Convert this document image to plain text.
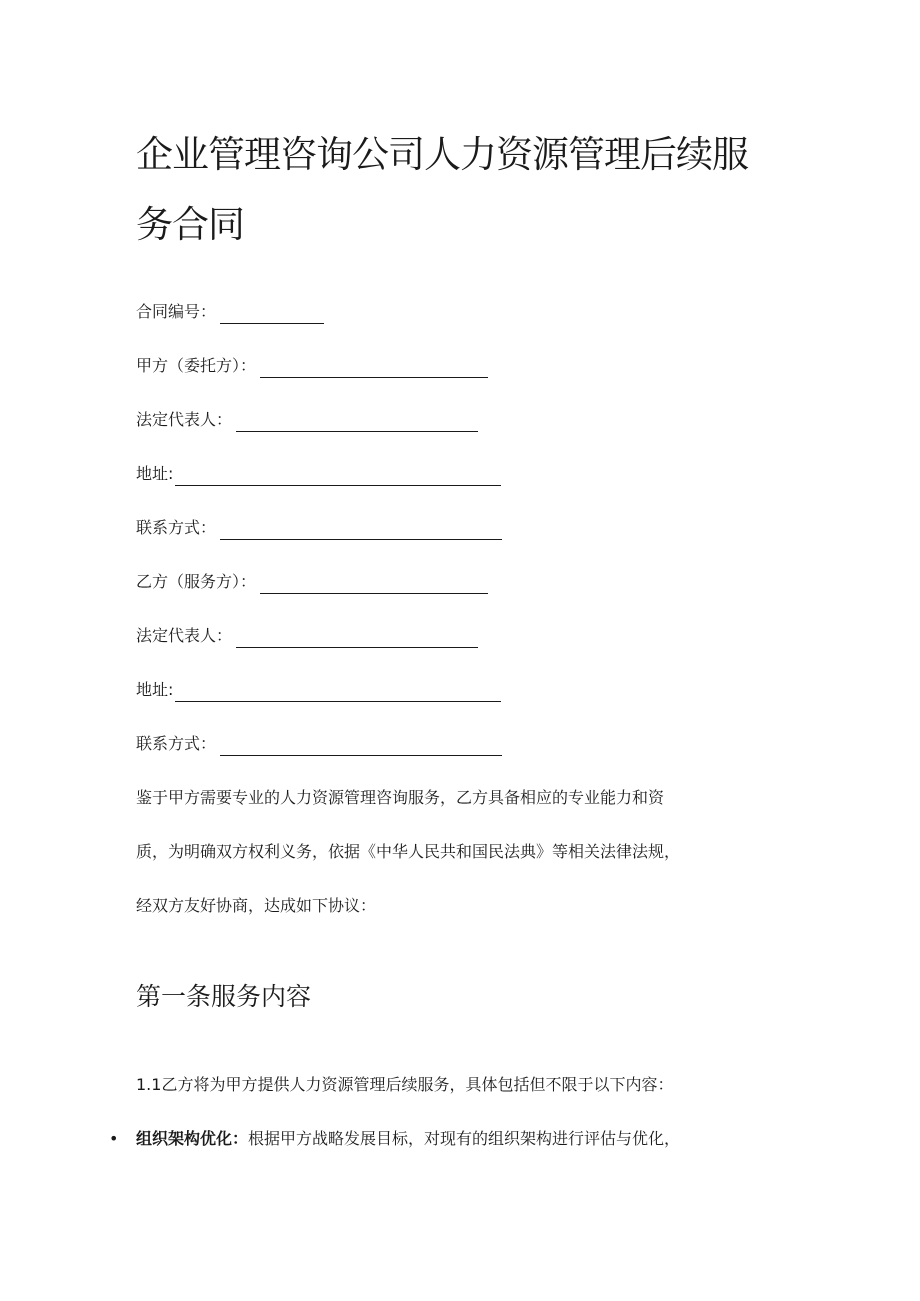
企业管理咨询公司人力资源管理后续服务合同
合同编号：
甲方（委托方）：
法定代表人：
地址:
联系方式：
乙方（服务方）：
法定代表人：
地址:
联系方式：
鉴于甲方需要专业的人力资源管理咨询服务，乙方具备相应的专业能力和资
质，为明确双方权利义务，依据《中华人民共和国民法典》等相关法律法规，
经双方友好协商，达成如下协议：
第一条服务内容
1.1乙方将为甲方提供人力资源管理后续服务，具体包括但不限于以下内容：
• 组织架构优化：根据甲方战略发展目标，对现有的组织架构进行评估与优化，
